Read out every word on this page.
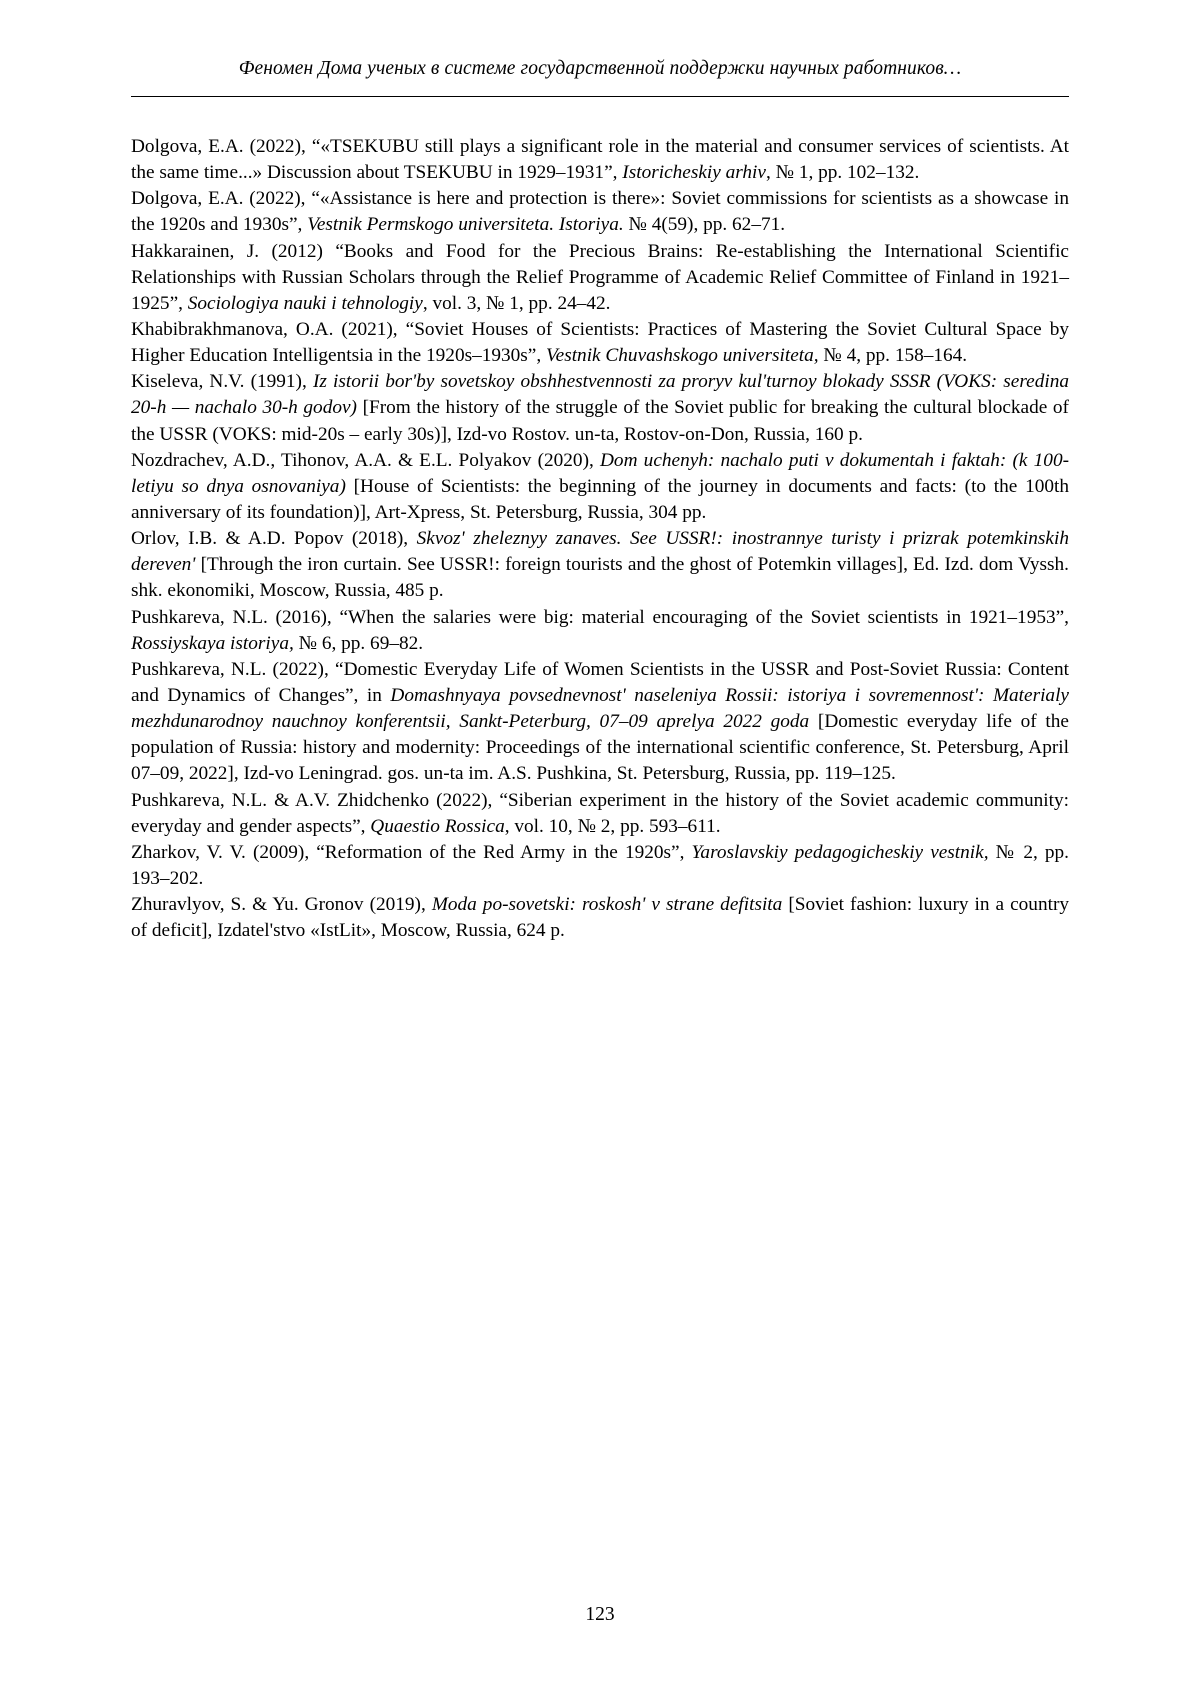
Феномен Дома ученых в системе государственной поддержки научных работников…

Dolgova, E.A. (2022), “«TSEKUBU still plays a significant role in the material and consumer services of scientists. At the same time...» Discussion about TSEKUBU in 1929–1931”, Istoricheskiy arhiv, № 1, pp. 102–132.

Dolgova, E.A. (2022), “«Assistance is here and protection is there»: Soviet commissions for scientists as a showcase in the 1920s and 1930s”, Vestnik Permskogo universiteta. Istoriya. № 4(59), pp. 62–71.

Hakkarainen, J. (2012) “Books and Food for the Precious Brains: Re-establishing the International Scientific Relationships with Russian Scholars through the Relief Programme of Academic Relief Committee of Finland in 1921–1925”, Sociologiya nauki i tehnologiy, vol. 3, № 1, pp. 24–42.

Khabibrakhmanova, O.A. (2021), “Soviet Houses of Scientists: Practices of Mastering the Soviet Cultural Space by Higher Education Intelligentsia in the 1920s–1930s”, Vestnik Chuvashskogo universiteta, № 4, pp. 158–164.

Kiseleva, N.V. (1991), Iz istorii bor'by sovetskoy obshhestvennosti za proryv kul'turnoy blokady SSSR (VOKS: seredina 20-h — nachalo 30-h godov) [From the history of the struggle of the Soviet public for breaking the cultural blockade of the USSR (VOKS: mid-20s – early 30s)], Izd-vo Rostov. un-ta, Rostov-on-Don, Russia, 160 p.

Nozdrachev, A.D., Tihonov, A.A. & E.L. Polyakov (2020), Dom uchenyh: nachalo puti v dokumentah i faktah: (k 100-letiyu so dnya osnovaniya) [House of Scientists: the beginning of the journey in documents and facts: (to the 100th anniversary of its foundation)], Art-Xpress, St. Petersburg, Russia, 304 pp.

Orlov, I.B. & A.D. Popov (2018), Skvoz' zheleznyy zanaves. See USSR!: inostrannye turisty i prizrak potemkinskih dereven' [Through the iron curtain. See USSR!: foreign tourists and the ghost of Potemkin villages], Ed. Izd. dom Vyssh. shk. ekonomiki, Moscow, Russia, 485 p.

Pushkareva, N.L. (2016), “When the salaries were big: material encouraging of the Soviet scientists in 1921–1953”, Rossiyskaya istoriya, № 6, pp. 69–82.

Pushkareva, N.L. (2022), “Domestic Everyday Life of Women Scientists in the USSR and Post-Soviet Russia: Content and Dynamics of Changes”, in Domashnyaya povsednevnost' naseleniya Rossii: istoriya i sovremennost': Materialy mezhdunarodnoy nauchnoy konferentsii, Sankt-Peterburg, 07–09 aprelya 2022 goda [Domestic everyday life of the population of Russia: history and modernity: Proceedings of the international scientific conference, St. Petersburg, April 07–09, 2022], Izd-vo Leningrad. gos. un-ta im. A.S. Pushkina, St. Petersburg, Russia, pp. 119–125.

Pushkareva, N.L. & A.V. Zhidchenko (2022), “Siberian experiment in the history of the Soviet academic community: everyday and gender aspects”, Quaestio Rossica, vol. 10, № 2, pp. 593–611.

Zharkov, V. V. (2009), “Reformation of the Red Army in the 1920s”, Yaroslavskiy pedagogicheskiy vestnik, № 2, pp. 193–202.

Zhuravlyov, S. & Yu. Gronov (2019), Moda po-sovetski: roskosh' v strane defitsita [Soviet fashion: luxury in a country of deficit], Izdatel'stvo «IstLit», Moscow, Russia, 624 p.

123
